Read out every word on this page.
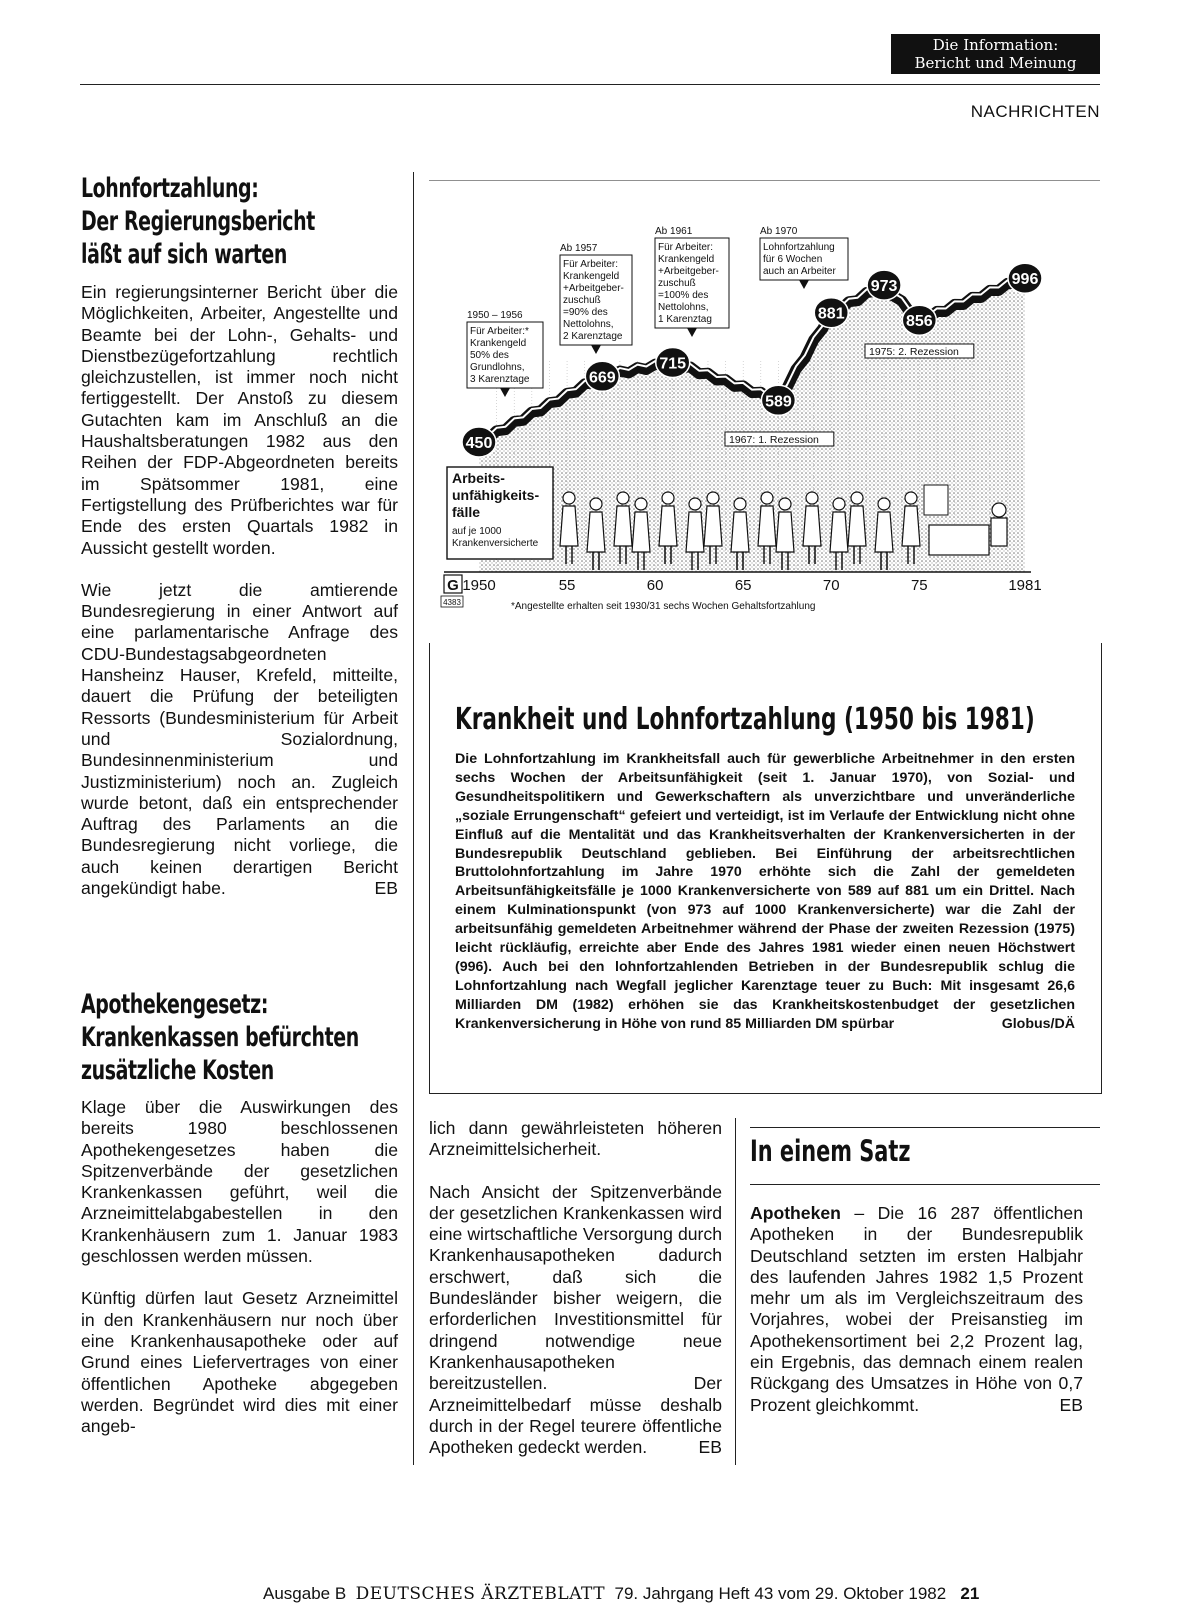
Die Information:
Bericht und Meinung
NACHRICHTEN
Lohnfortzahlung:
Der Regierungsbericht
läßt auf sich warten

Ein regierungsinterner Bericht über die Möglichkeiten, Arbeiter, Angestellte und Beamte bei der Lohn-, Gehalts- und Dienstbezügefortzahlung rechtlich gleichzustellen, ist immer noch nicht fertiggestellt. Der Anstoß zu diesem Gutachten kam im Anschluß an die Haushaltsberatungen 1982 aus den Reihen der FDP-Abgeordneten bereits im Spätsommer 1981, eine Fertigstellung des Prüfberichtes war für Ende des ersten Quartals 1982 in Aussicht gestellt worden.

Wie jetzt die amtierende Bundesregierung in einer Antwort auf eine parlamentarische Anfrage des CDU-Bundestagsabgeordneten Hansheinz Hauser, Krefeld, mitteilte, dauert die Prüfung der beteiligten Ressorts (Bundesministerium für Arbeit und Sozialordnung, Bundesinnenministerium und Justizministerium) noch an. Zugleich wurde betont, daß ein entsprechender Auftrag des Parlaments an die Bundesregierung nicht vorliege, die auch keinen derartigen Bericht angekündigt habe.	EB

Apothekengesetz:
Krankenkassen befürchten
zusätzliche Kosten

Klage über die Auswirkungen des bereits 1980 beschlossenen Apothekengesetzes haben die Spitzenverbände der gesetzlichen Krankenkassen geführt, weil die Arzneimittelabgabestellen in den Krankenhäusern zum 1. Januar 1983 geschlossen werden müssen.

Künftig dürfen laut Gesetz Arzneimittel in den Krankenhäusern nur noch über eine Krankenhausapotheke oder auf Grund eines Liefervertrages von einer öffentlichen Apotheke abgegeben werden. Begründet wird dies mit einer angeb-

lich dann gewährleisteten höheren Arzneimittelsicherheit.

Nach Ansicht der Spitzenverbände der gesetzlichen Krankenkassen wird eine wirtschaftliche Versorgung durch Krankenhausapotheken dadurch erschwert, daß sich die Bundesländer bisher weigern, die erforderlichen Investitionsmittel für dringend notwendige neue Krankenhausapotheken bereitzustellen. Der Arzneimittelbedarf müsse deshalb durch in der Regel teurere öffentliche Apotheken gedeckt werden.	EB

450
669
715
589
881
973
856
996
1950 – 1956
Für Arbeiter:*
Krankengeld
50% des
Grundlohns,
3 Karenztage
Ab 1957
Für Arbeiter:
Krankengeld
+Arbeitgeber-
zuschuß
=90% des
Nettolohns,
2 Karenztage
Ab 1961
Für Arbeiter:
Krankengeld
+Arbeitgeber-
zuschuß
=100% des
Nettolohns,
1 Karenztag
Ab 1970
Lohnfortzahlung
für 6 Wochen
auch an Arbeiter
1967: 1. Rezession
1975: 2. Rezession
Arbeits-
unfähigkeits-
fälle
auf je 1000
Krankenversicherte
1950	55	60	65	70	75	1981
G
4383	*Angestellte erhalten seit 1930/31 sechs Wochen Gehaltsfortzahlung
Krankheit und Lohnfortzahlung (1950 bis 1981)
Die Lohnfortzahlung im Krankheitsfall auch für gewerbliche Arbeitnehmer in den ersten sechs Wochen der Arbeitsunfähigkeit (seit 1. Januar 1970), von Sozial- und Gesundheitspolitikern und Gewerkschaftern als unverzichtbare und unveränderliche „soziale Errungenschaft“ gefeiert und verteidigt, ist im Verlaufe der Entwicklung nicht ohne Einfluß auf die Mentalität und das Krankheitsverhalten der Krankenversicherten in der Bundesrepublik Deutschland geblieben. Bei Einführung der arbeitsrechtlichen Bruttolohnfortzahlung im Jahre 1970 erhöhte sich die Zahl der gemeldeten Arbeitsunfähigkeitsfälle je 1000 Krankenversicherte von 589 auf 881 um ein Drittel. Nach einem Kulminationspunkt (von 973 auf 1000 Krankenversicherte) war die Zahl der arbeitsunfähig gemeldeten Arbeitnehmer während der Phase der zweiten Rezession (1975) leicht rückläufig, erreichte aber Ende des Jahres 1981 wieder einen neuen Höchstwert (996). Auch bei den lohnfortzahlenden Betrieben in der Bundesrepublik schlug die Lohnfortzahlung nach Wegfall jeglicher Karenztage teuer zu Buch: Mit insgesamt 26,6 Milliarden DM (1982) erhöhen sie das Krankheitskostenbudget der gesetzlichen Krankenversicherung in Höhe von rund 85 Milliarden DM spürbar	Globus/DÄ
In einem Satz
Apotheken – Die 16 287 öffentlichen Apotheken in der Bundesrepublik Deutschland setzten im ersten Halbjahr des laufenden Jahres 1982 1,5 Prozent mehr um als im Vergleichszeitraum des Vorjahres, wobei der Preisanstieg im Apothekensortiment bei 2,2 Prozent lag, ein Ergebnis, das demnach einem realen Rückgang des Umsatzes in Höhe von 0,7 Prozent gleichkommt.	EB
Ausgabe B DEUTSCHES ÄRZTEBLATT 79. Jahrgang Heft 43 vom 29. Oktober 1982 21
